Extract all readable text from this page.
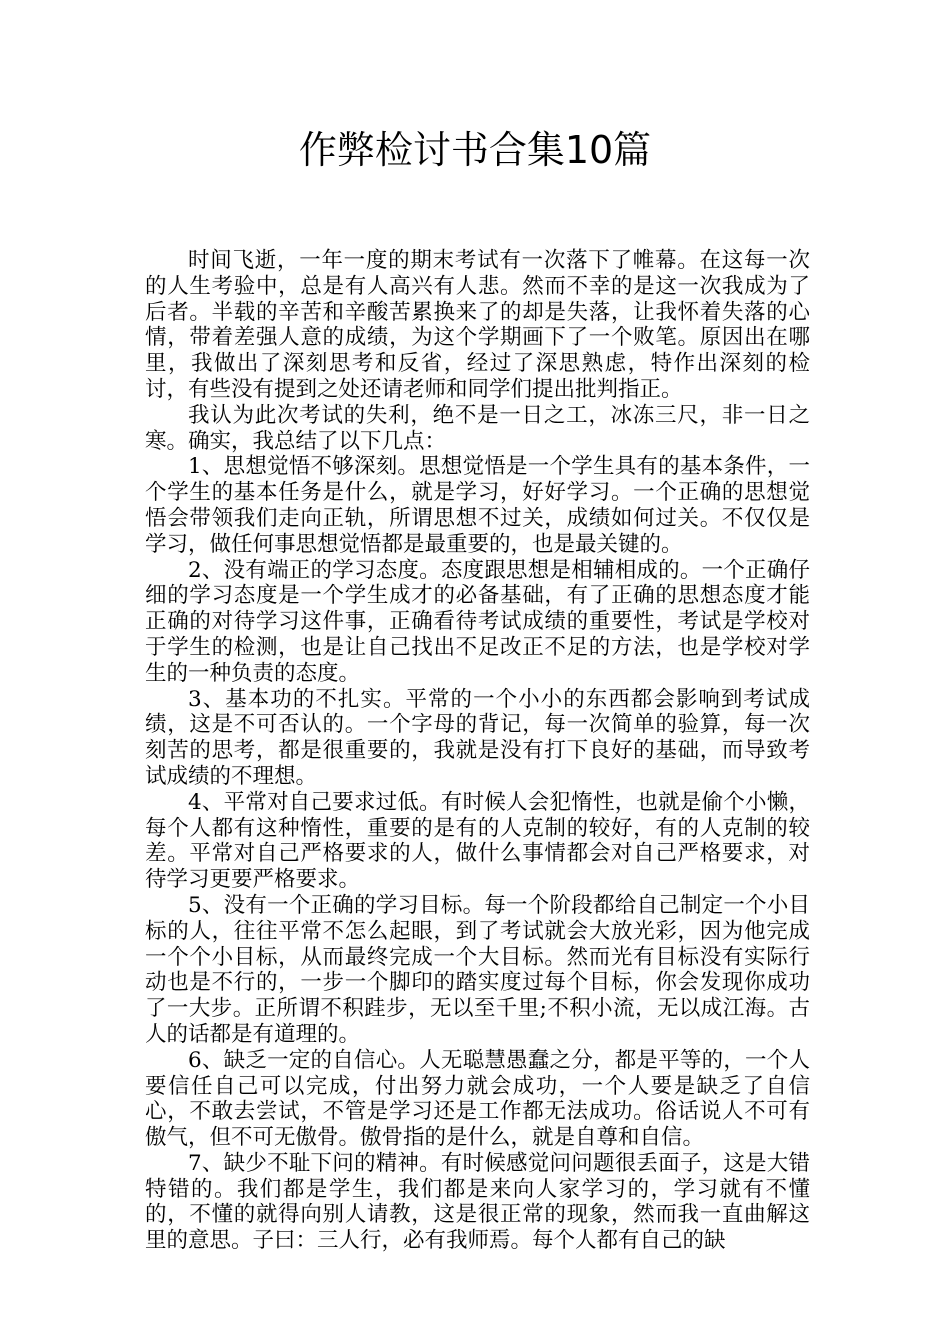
作弊检讨书合集10篇

时间飞逝，一年一度的期末考试有一次落下了帷幕。在这每一次的人生考验中，总是有人高兴有人悲。然而不幸的是这一次我成为了后者。半载的辛苦和辛酸苦累换来了的却是失落，让我怀着失落的心情，带着差强人意的成绩，为这个学期画下了一个败笔。原因出在哪里，我做出了深刻思考和反省，经过了深思熟虑，特作出深刻的检讨，有些没有提到之处还请老师和同学们提出批判指正。

我认为此次考试的失利，绝不是一日之工，冰冻三尺，非一日之寒。确实，我总结了以下几点：

1、思想觉悟不够深刻。思想觉悟是一个学生具有的基本条件，一个学生的基本任务是什么，就是学习，好好学习。一个正确的思想觉悟会带领我们走向正轨，所谓思想不过关，成绩如何过关。不仅仅是学习，做任何事思想觉悟都是最重要的，也是最关键的。

2、没有端正的学习态度。态度跟思想是相辅相成的。一个正确仔细的学习态度是一个学生成才的必备基础，有了正确的思想态度才能正确的对待学习这件事，正确看待考试成绩的重要性，考试是学校对于学生的检测，也是让自己找出不足改正不足的方法，也是学校对学生的一种负责的态度。

3、基本功的不扎实。平常的一个小小的东西都会影响到考试成绩，这是不可否认的。一个字母的背记，每一次简单的验算，每一次刻苦的思考，都是很重要的，我就是没有打下良好的基础，而导致考试成绩的不理想。

4、平常对自己要求过低。有时候人会犯惰性，也就是偷个小懒，每个人都有这种惰性，重要的是有的人克制的较好，有的人克制的较差。平常对自己严格要求的人，做什么事情都会对自己严格要求，对待学习更要严格要求。

5、没有一个正确的学习目标。每一个阶段都给自己制定一个小目标的人，往往平常不怎么起眼，到了考试就会大放光彩，因为他完成一个个小目标，从而最终完成一个大目标。然而光有目标没有实际行动也是不行的，一步一个脚印的踏实度过每个目标，你会发现你成功了一大步。正所谓不积跬步，无以至千里;不积小流，无以成江海。古人的话都是有道理的。

6、缺乏一定的自信心。人无聪慧愚蠢之分，都是平等的，一个人要信任自己可以完成，付出努力就会成功，一个人要是缺乏了自信心，不敢去尝试，不管是学习还是工作都无法成功。俗话说人不可有傲气，但不可无傲骨。傲骨指的是什么，就是自尊和自信。

7、缺少不耻下问的精神。有时候感觉问问题很丢面子，这是大错特错的。我们都是学生，我们都是来向人家学习的，学习就有不懂的，不懂的就得向别人请教，这是很正常的现象，然而我一直曲解这里的意思。子曰：三人行，必有我师焉。每个人都有自己的缺
